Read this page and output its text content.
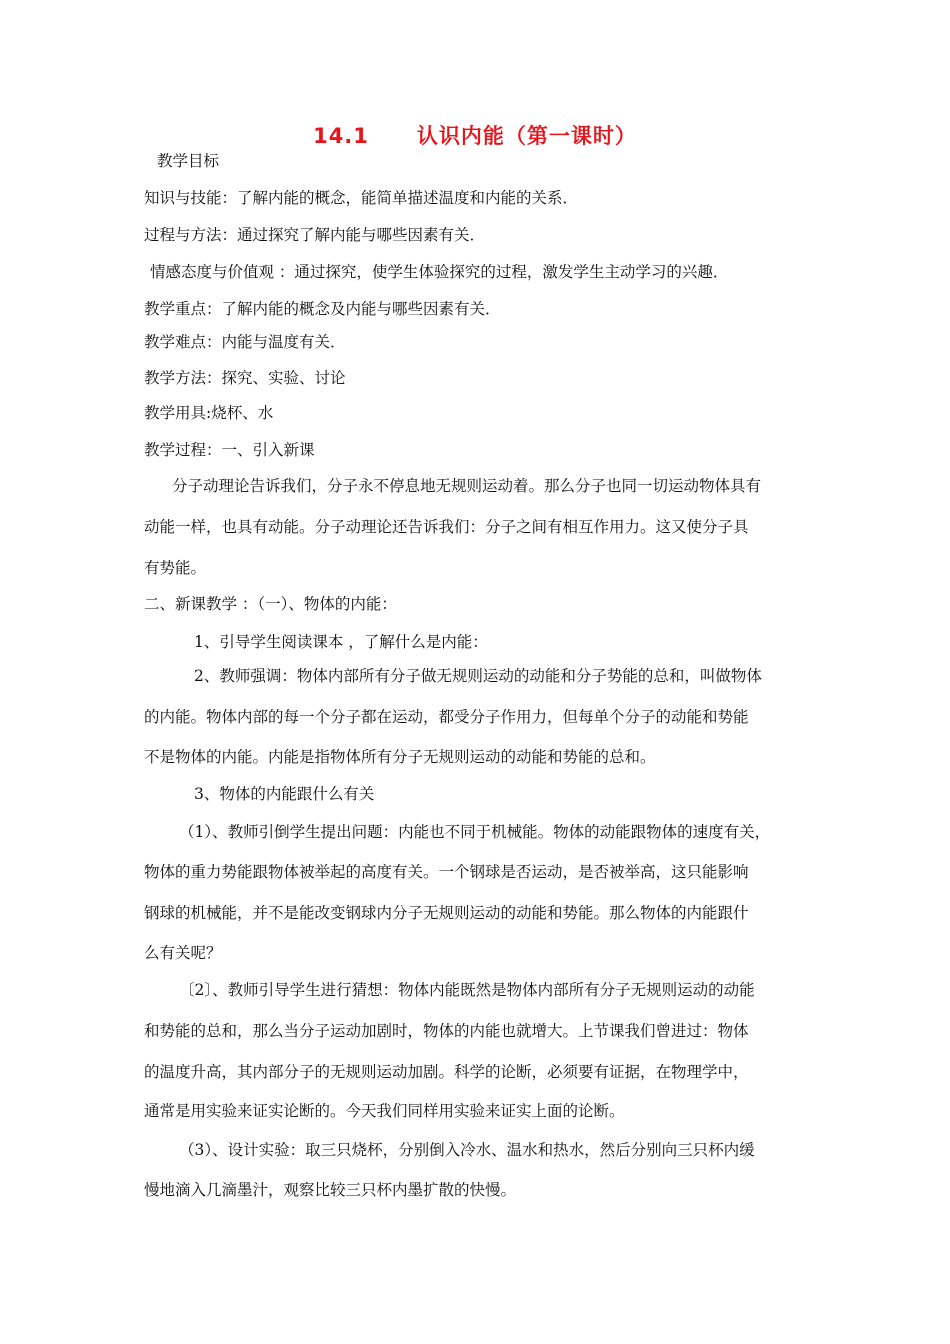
14.1 认识内能（第一课时）
教学目标
知识与技能：了解内能的概念，能简单描述温度和内能的关系．
过程与方法：通过探究了解内能与哪些因素有关．
情感态度与价值观 ：通过探究，使学生体验探究的过程，激发学生主动学习的兴趣．
教学重点：了解内能的概念及内能与哪些因素有关．
教学难点：内能与温度有关．
教学方法：探究、实验、讨论
教学用具:烧杯、水
教学过程：一、引入新课
分子动理论告诉我们，分子永不停息地无规则运动着。那么分子也同一切运动物体具有
动能一样，也具有动能。分子动理论还告诉我们：分子之间有相互作用力。这又使分子具
有势能。
二、新课教学 ：（一）、物体的内能：
1、引导学生阅读课本 ，了解什么是内能：
2、教师强调：物体内部所有分子做无规则运动的动能和分子势能的总和，叫做物体
的内能。物体内部的每一个分子都在运动，都受分子作用力，但每单个分子的动能和势能
不是物体的内能。内能是指物体所有分子无规则运动的动能和势能的总和。
3、物体的内能跟什么有关
（1）、教师引倒学生提出问题：内能也不同于机械能。物体的动能跟物体的速度有关，
物体的重力势能跟物体被举起的高度有关。一个钢球是否运动，是否被举高，这只能影响
钢球的机械能，并不是能改变钢球内分子无规则运动的动能和势能。那么物体的内能跟什
么有关呢？
〔2〕、教师引导学生进行猜想：物体内能既然是物体内部所有分子无规则运动的动能
和势能的总和，那么当分子运动加剧时，物体的内能也就增大。上节课我们曾进过：物体
的温度升高，其内部分子的无规则运动加剧。科学的论断，必须要有证据，在物理学中，
通常是用实验来证实论断的。今天我们同样用实验来证实上面的论断。
（3）、设计实验：取三只烧杯，分别倒入冷水、温水和热水，然后分别向三只杯内缓
慢地滴入几滴墨汁，观察比较三只杯内墨扩散的快慢。
